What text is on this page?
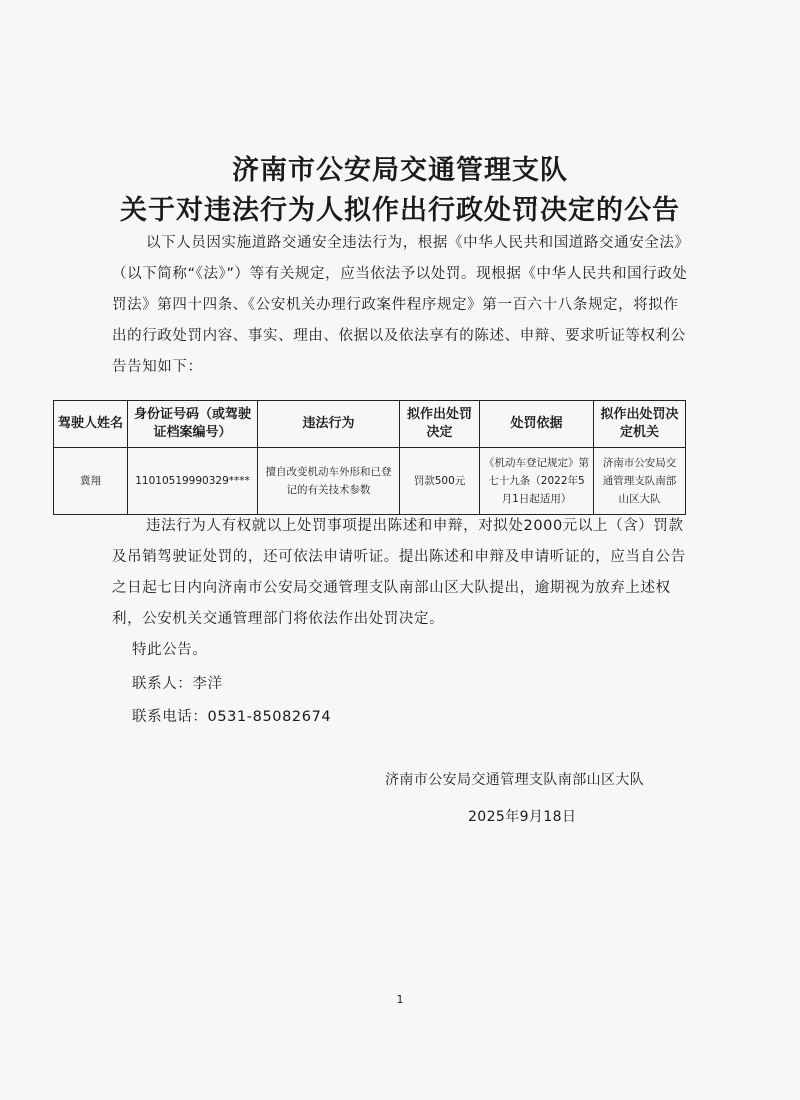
济南市公安局交通管理支队
关于对违法行为人拟作出行政处罚决定的公告
以下人员因实施道路交通安全违法行为，根据《中华人民共和国道路交通安全法》（以下简称“《法》”）等有关规定，应当依法予以处罚。现根据《中华人民共和国行政处罚法》第四十四条、《公安机关办理行政案件程序规定》第一百六十八条规定，将拟作出的行政处罚内容、事实、理由、依据以及依法享有的陈述、申辩、要求听证等权利公告告知如下：
驾驶人姓名	身份证号码（或驾驶证档案编号）	违法行为	拟作出处罚决定	处罚依据	拟作出处罚决定机关
冀翔	11010519990329****	擅自改变机动车外形和已登记的有关技术参数	罚款500元	《机动车登记规定》第七十九条（2022年5月1日起适用）	济南市公安局交通管理支队南部山区大队
违法行为人有权就以上处罚事项提出陈述和申辩，对拟处2000元以上（含）罚款及吊销驾驶证处罚的，还可依法申请听证。提出陈述和申辩及申请听证的，应当自公告之日起七日内向济南市公安局交通管理支队南部山区大队提出，逾期视为放弃上述权利，公安机关交通管理部门将依法作出处罚决定。
特此公告。
联系人：李洋
联系电话：0531-85082674
济南市公安局交通管理支队南部山区大队
2025年9月18日
1
